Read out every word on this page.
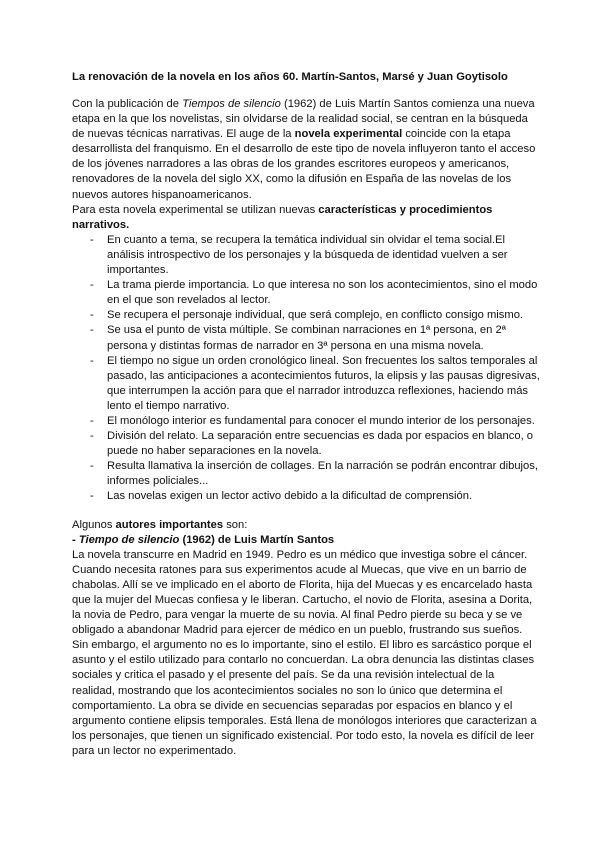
La renovación de la novela en los años 60. Martín-Santos, Marsé y Juan Goytisolo

Con la publicación de Tiempos de silencio (1962) de Luis Martín Santos comienza una nueva etapa en la que los novelistas, sin olvidarse de la realidad social, se centran en la búsqueda de nuevas técnicas narrativas. El auge de la novela experimental coincide con la etapa desarrollista del franquismo. En el desarrollo de este tipo de novela influyeron tanto el acceso de los jóvenes narradores a las obras de los grandes escritores europeos y americanos, renovadores de la novela del siglo XX, como la difusión en España de las novelas de los nuevos autores hispanoamericanos.

Para esta novela experimental se utilizan nuevas características y procedimientos narrativos.

- En cuanto a tema, se recupera la temática individual sin olvidar el tema social.El análisis introspectivo de los personajes y la búsqueda de identidad vuelven a ser importantes.
- La trama pierde importancia. Lo que interesa no son los acontecimientos, sino el modo en el que son revelados al lector.
- Se recupera el personaje individual, que será complejo, en conflicto consigo mismo.
- Se usa el punto de vista múltiple. Se combinan narraciones en 1ª persona, en 2ª persona y distintas formas de narrador en 3ª persona en una misma novela.
- El tiempo no sigue un orden cronológico lineal. Son frecuentes los saltos temporales al pasado, las anticipaciones a acontecimientos futuros, la elipsis y las pausas digresivas, que interrumpen la acción para que el narrador introduzca reflexiones, haciendo más lento el tiempo narrativo.
- El monólogo interior es fundamental para conocer el mundo interior de los personajes.
- División del relato. La separación entre secuencias es dada por espacios en blanco, o puede no haber separaciones en la novela.
- Resulta llamativa la inserción de collages. En la narración se podrán encontrar dibujos, informes policiales...
- Las novelas exigen un lector activo debido a la dificultad de comprensión.

Algunos autores importantes son:

- Tiempo de silencio (1962) de Luis Martín Santos

La novela transcurre en Madrid en 1949. Pedro es un médico que investiga sobre el cáncer. Cuando necesita ratones para sus experimentos acude al Muecas, que vive en un barrio de chabolas. Allí se ve implicado en el aborto de Florita, hija del Muecas y es encarcelado hasta que la mujer del Muecas confiesa y le liberan. Cartucho, el novio de Florita, asesina a Dorita, la novia de Pedro, para vengar la muerte de su novia. Al final Pedro pierde su beca y se ve obligado a abandonar Madrid para ejercer de médico en un pueblo, frustrando sus sueños.

Sin embargo, el argumento no es lo importante, sino el estilo. El libro es sarcástico porque el asunto y el estilo utilizado para contarlo no concuerdan. La obra denuncia las distintas clases sociales y critica el pasado y el presente del país. Se da una revisión intelectual de la realidad, mostrando que los acontecimientos sociales no son lo único que determina el comportamiento. La obra se divide en secuencias separadas por espacios en blanco y el argumento contiene elipsis temporales. Está llena de monólogos interiores que caracterizan a los personajes, que tienen un significado existencial. Por todo esto, la novela es difícil de leer para un lector no experimentado.
